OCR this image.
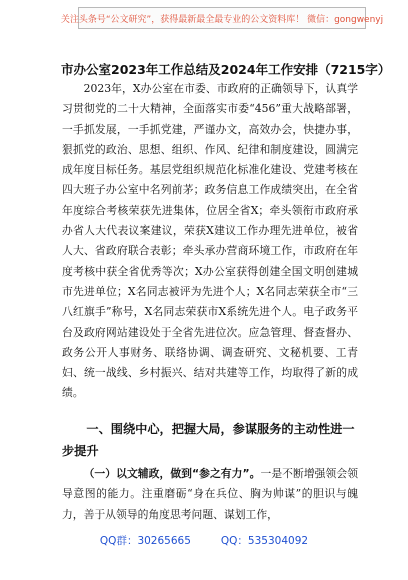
关注头条号“公文研究”，获得最新最全最专业的公文资料库！ 微信：gongwenyj
市办公室2023年工作总结及2024年工作安排（7215字）

2023年，X办公室在市委、市政府的正确领导下，认真学习贯彻党的二十大精神，全面落实市委“456”重大战略部署，一手抓发展，一手抓党建，严谨办文，高效办会，快捷办事，狠抓党的政治、思想、组织、作风、纪律和制度建设，圆满完成年度目标任务。基层党组织规范化标准化建设、党建考核在四大班子办公室中名列前茅；政务信息工作成绩突出，在全省年度综合考核荣获先进集体，位居全省X；牵头领衔市政府承办省人大代表议案建议，荣获X建议工作办理先进单位，被省人大、省政府联合表彰；牵头承办营商环境工作，市政府在年度考核中获全省优秀等次；X办公室获得创建全国文明创建城市先进单位；X名同志被评为先进个人；X名同志荣获全市“三八红旗手”称号，X名同志荣获市X系统先进个人。电子政务平台及政府网站建设处于全省先进位次。应急管理、督查督办、政务公开人事财务、联络协调、调查研究、文秘机要、工青妇、统一战线、乡村振兴、结对共建等工作，均取得了新的成绩。

一、围绕中心，把握大局，参谋服务的主动性进一步提升

（一）以文辅政，做到“参之有力”。一是不断增强领会领导意图的能力。注重磨砺“身在兵位、胸为帅谋”的胆识与魄力，善于从领导的角度思考问题、谋划工作，

QQ群：30265665	QQ：535304092
